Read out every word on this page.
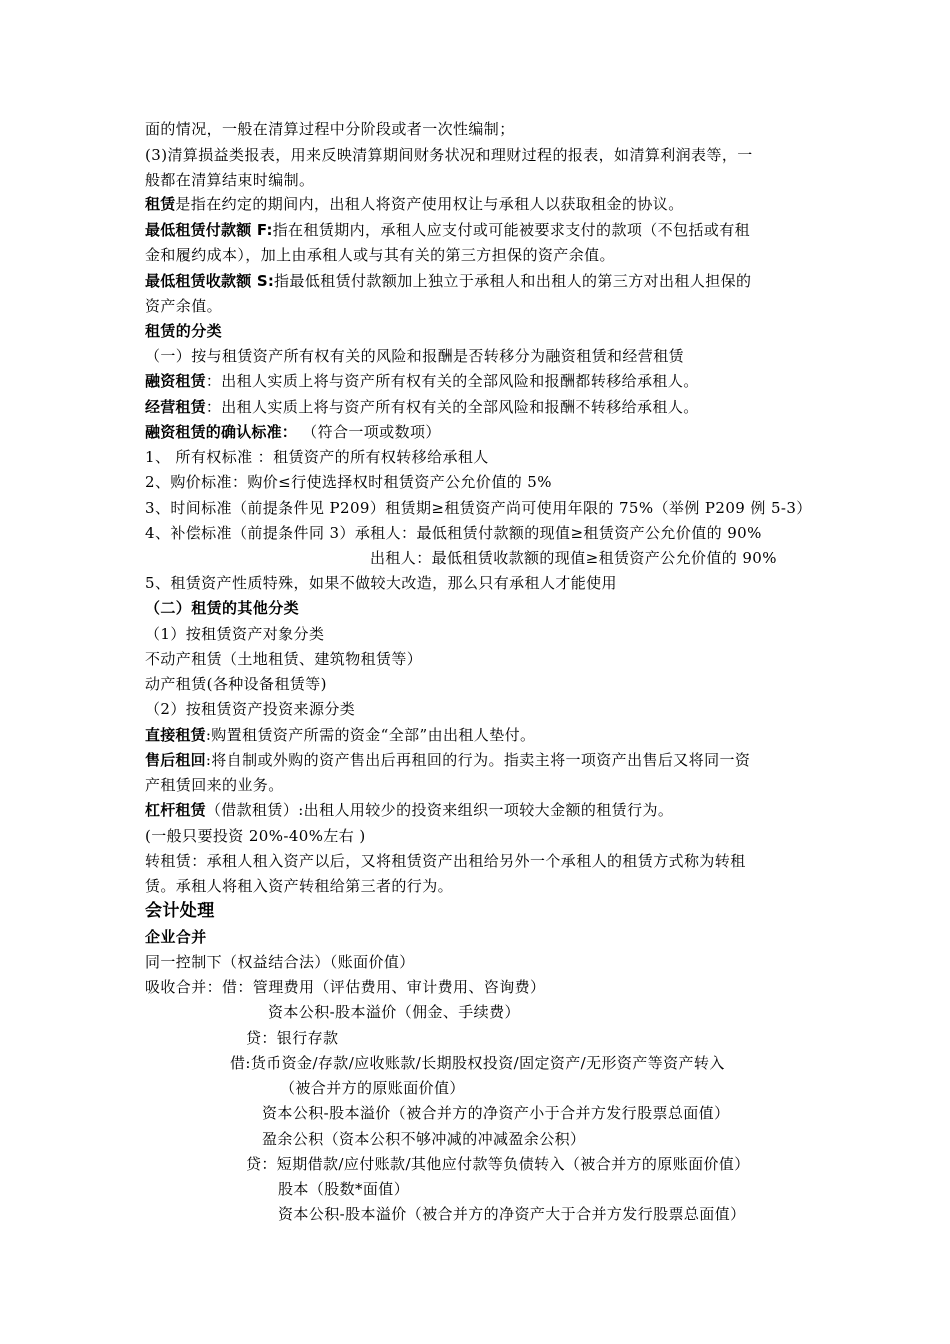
面的情况，一般在清算过程中分阶段或者一次性编制；
(3)清算损益类报表，用来反映清算期间财务状况和理财过程的报表，如清算利润表等，一
般都在清算结束时编制。
租赁是指在约定的期间内，出租人将资产使用权让与承租人以获取租金的协议。
最低租赁付款额 F:指在租赁期内，承租人应支付或可能被要求支付的款项（不包括或有租
金和履约成本），加上由承租人或与其有关的第三方担保的资产余值。
最低租赁收款额 S:指最低租赁付款额加上独立于承租人和出租人的第三方对出租人担保的
资产余值。
租赁的分类
（一）按与租赁资产所有权有关的风险和报酬是否转移分为融资租赁和经营租赁
融资租赁：出租人实质上将与资产所有权有关的全部风险和报酬都转移给承租人。
经营租赁：出租人实质上将与资产所有权有关的全部风险和报酬不转移给承租人。
融资租赁的确认标准： （符合一项或数项）
1、 所有权标准 ：租赁资产的所有权转移给承租人
2、购价标准：购价≤行使选择权时租赁资产公允价值的 5%
3、时间标准（前提条件见 P209）租赁期≥租赁资产尚可使用年限的 75%（举例 P209 例 5-3）
4、补偿标准（前提条件同 3）承租人：最低租赁付款额的现值≥租赁资产公允价值的 90%
出租人：最低租赁收款额的现值≥租赁资产公允价值的 90%
5、租赁资产性质特殊，如果不做较大改造，那么只有承租人才能使用
（二）租赁的其他分类
（1）按租赁资产对象分类
不动产租赁（土地租赁、建筑物租赁等）
动产租赁(各种设备租赁等)
（2）按租赁资产投资来源分类
直接租赁:购置租赁资产所需的资金“全部”由出租人垫付。
售后租回:将自制或外购的资产售出后再租回的行为。指卖主将一项资产出售后又将同一资
产租赁回来的业务。
杠杆租赁（借款租赁）:出租人用较少的投资来组织一项较大金额的租赁行为。
(一般只要投资 20%-40%左右 )
转租赁：承租人租入资产以后，又将租赁资产出租给另外一个承租人的租赁方式称为转租
赁。承租人将租入资产转租给第三者的行为。
会计处理
企业合并
同一控制下（权益结合法）（账面价值）
吸收合并：借：管理费用（评估费用、审计费用、咨询费）
资本公积-股本溢价（佣金、手续费）
贷：银行存款
借:货币资金/存款/应收账款/长期股权投资/固定资产/无形资产等资产转入
（被合并方的原账面价值）
资本公积-股本溢价（被合并方的净资产小于合并方发行股票总面值）
盈余公积（资本公积不够冲减的冲减盈余公积）
贷：短期借款/应付账款/其他应付款等负债转入（被合并方的原账面价值）
股本（股数*面值）
资本公积-股本溢价（被合并方的净资产大于合并方发行股票总面值）
